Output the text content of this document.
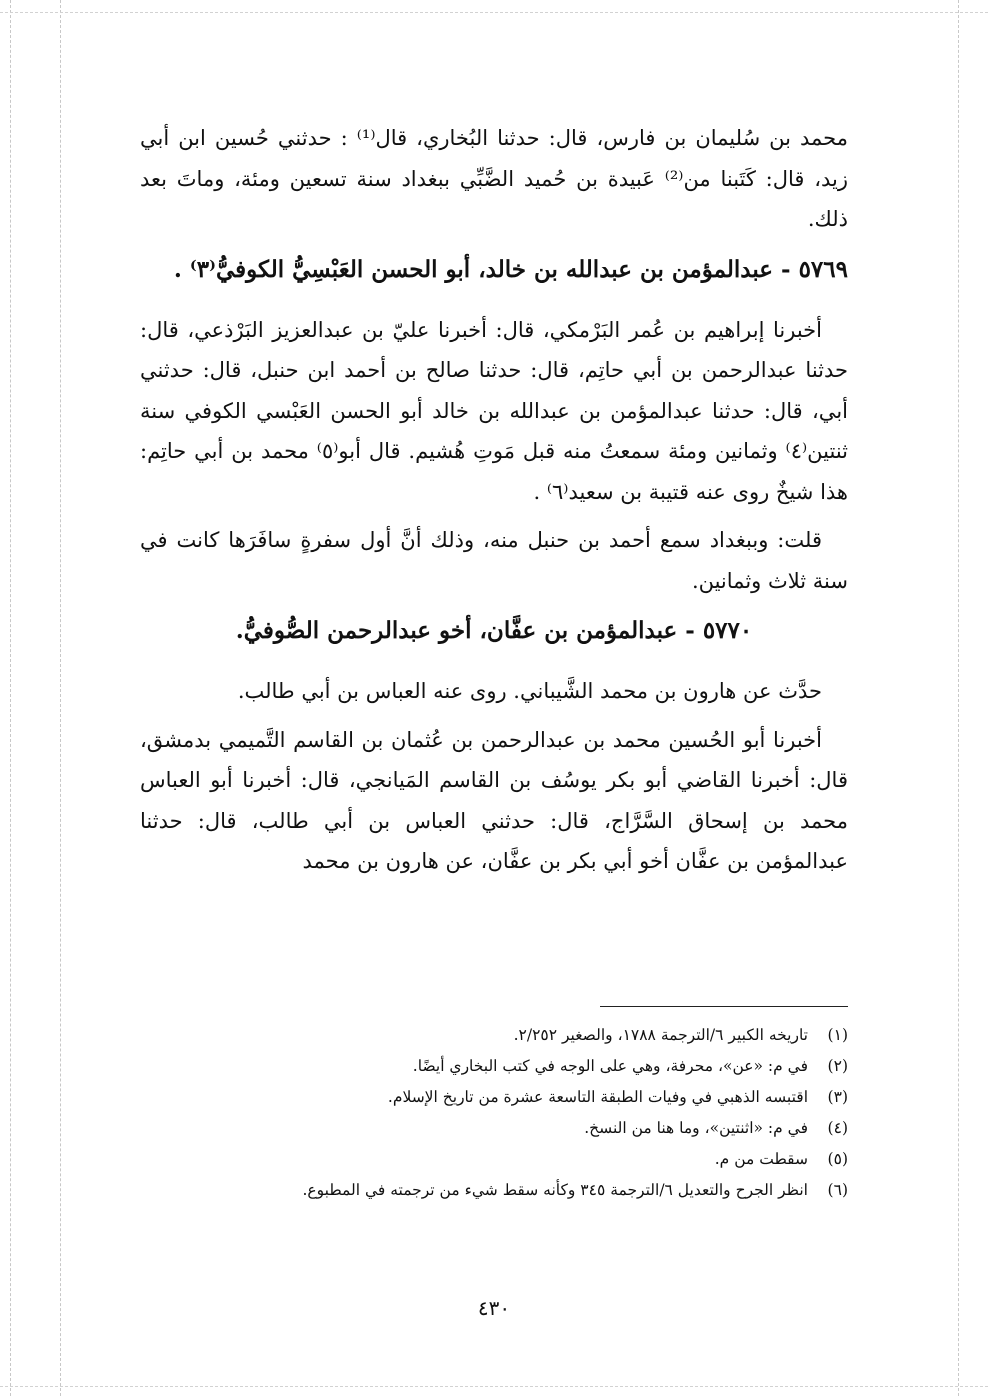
محمد بن سُليمان بن فارس، قال: حدثنا البُخاري، قال⁽¹⁾ : حدثني حُسين ابن أبي زيد، قال: كَتَبنا من⁽²⁾ عَبيدة بن حُميد الضَّبِّي ببغداد سنة تسعين ومئة، وماتَ بعد ذلك.

٥٧٦٩ - عبدالمؤمن بن عبدالله بن خالد، أبو الحسن العَبْسِيُّ الكوفيُّ⁽٣⁾ .

أخبرنا إبراهيم بن عُمر البَرْمكي، قال: أخبرنا عليّ بن عبدالعزيز البَرْذعي، قال: حدثنا عبدالرحمن بن أبي حاتِم، قال: حدثنا صالح بن أحمد ابن حنبل، قال: حدثني أبي، قال: حدثنا عبدالمؤمن بن عبدالله بن خالد أبو الحسن العَبْسي الكوفي سنة ثنتين⁽٤⁾ وثمانين ومئة سمعتُ منه قبل مَوتِ هُشيم. قال أبو⁽٥⁾ محمد بن أبي حاتِم: هذا شيخٌ روى عنه قتيبة بن سعيد⁽٦⁾ .

قلت: وببغداد سمع أحمد بن حنبل منه، وذلك أنَّ أول سفرةٍ سافَرَها كانت في سنة ثلاث وثمانين.

٥٧٧٠ - عبدالمؤمن بن عفَّان، أخو عبدالرحمن الصُّوفيُّ.

حدَّث عن هارون بن محمد الشَّيباني. روى عنه العباس بن أبي طالب.

أخبرنا أبو الحُسين محمد بن عبدالرحمن بن عُثمان بن القاسم التَّميمي بدمشق، قال: أخبرنا القاضي أبو بكر يوسُف بن القاسم المَيانجي، قال: أخبرنا أبو العباس محمد بن إسحاق السَّرَّاج، قال: حدثني العباس بن أبي طالب، قال: حدثنا عبدالمؤمن بن عفَّان أخو أبي بكر بن عفَّان، عن هارون بن محمد

(١)
تاريخه الكبير ٦/الترجمة ١٧٨٨، والصغير ٢/٢٥٢.
(٢)
في م: «عن»، محرفة، وهي على الوجه في كتب البخاري أيضًا.
(٣)
اقتبسه الذهبي في وفيات الطبقة التاسعة عشرة من تاريخ الإسلام.
(٤)
في م: «اثنتين»، وما هنا من النسخ.
(٥)
سقطت من م.
(٦)
انظر الجرح والتعديل ٦/الترجمة ٣٤٥ وكأنه سقط شيء من ترجمته في المطبوع.
٤٣٠
